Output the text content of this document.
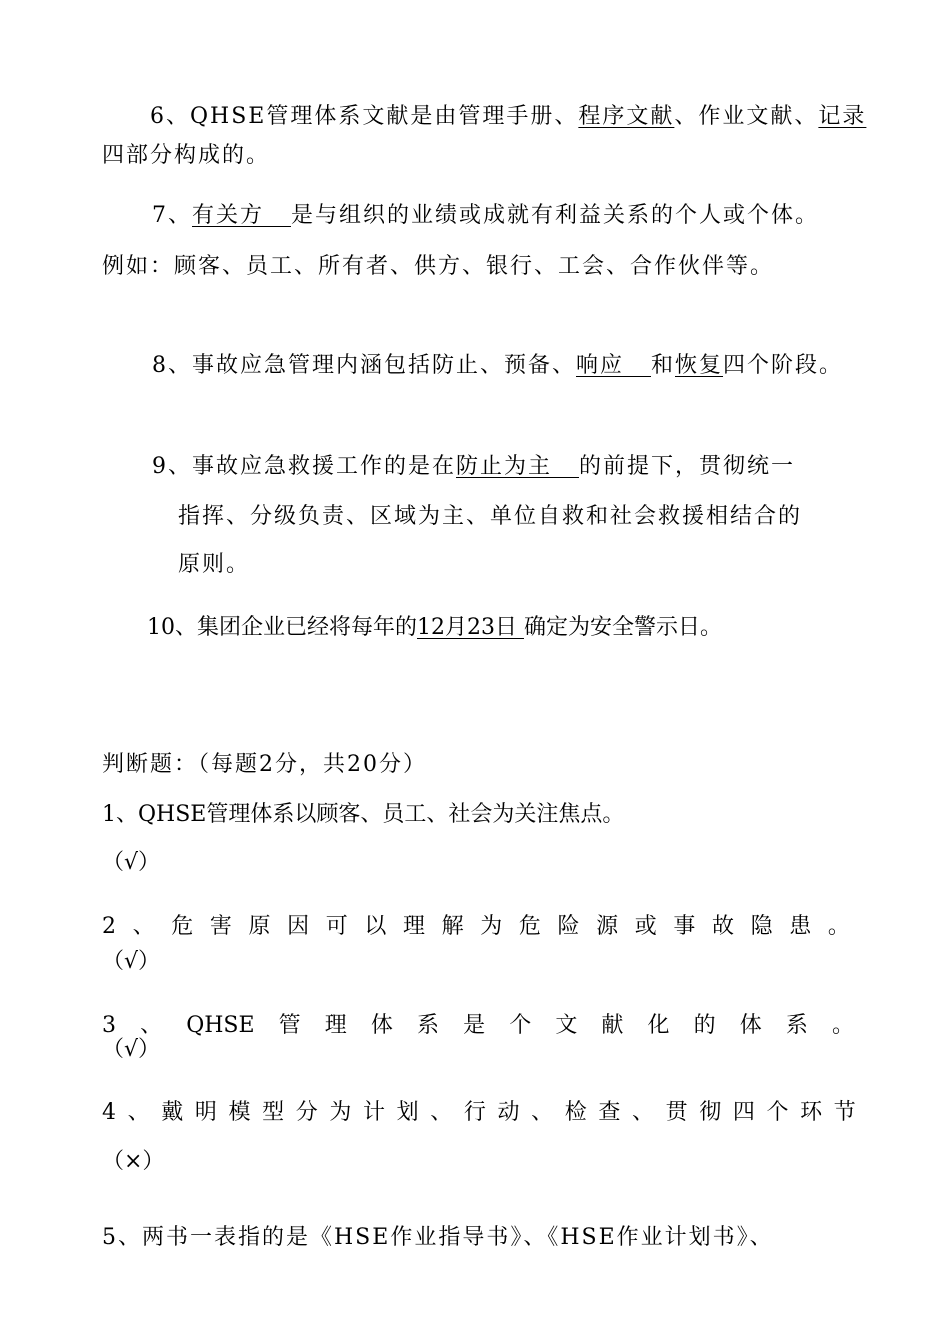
6、QHSE管理体系文献是由管理手册、程序文献、作业文献、记录
四部分构成的。
7、有关方   是与组织的业绩或成就有利益关系的个人或个体。
例如：顾客、员工、所有者、供方、银行、工会、合作伙伴等。
8、事故应急管理内涵包括防止、预备、响应   和恢复四个阶段。
9、事故应急救援工作的是在防止为主   的前提下，贯彻统一
指挥、分级负责、区域为主、单位自救和社会救援相结合的
原则。
10、集团企业已经将每年的12月23日 确定为安全警示日。
判断题：（每题2分，共20分）
1、QHSE管理体系以顾客、员工、社会为关注焦点。
（√）
2 、 危 害 原 因 可 以 理 解 为 危 险 源 或 事 故 隐 患 。
（√）
3 、 QHSE 管 理 体 系 是 个 文 献 化 的 体 系 。
（√）
4 、 戴 明 模 型 分 为 计 划 、 行 动 、 检 查 、 贯 彻 四 个 环 节
（×）
5、两书一表指的是《HSE作业指导书》、《HSE作业计划书》、
